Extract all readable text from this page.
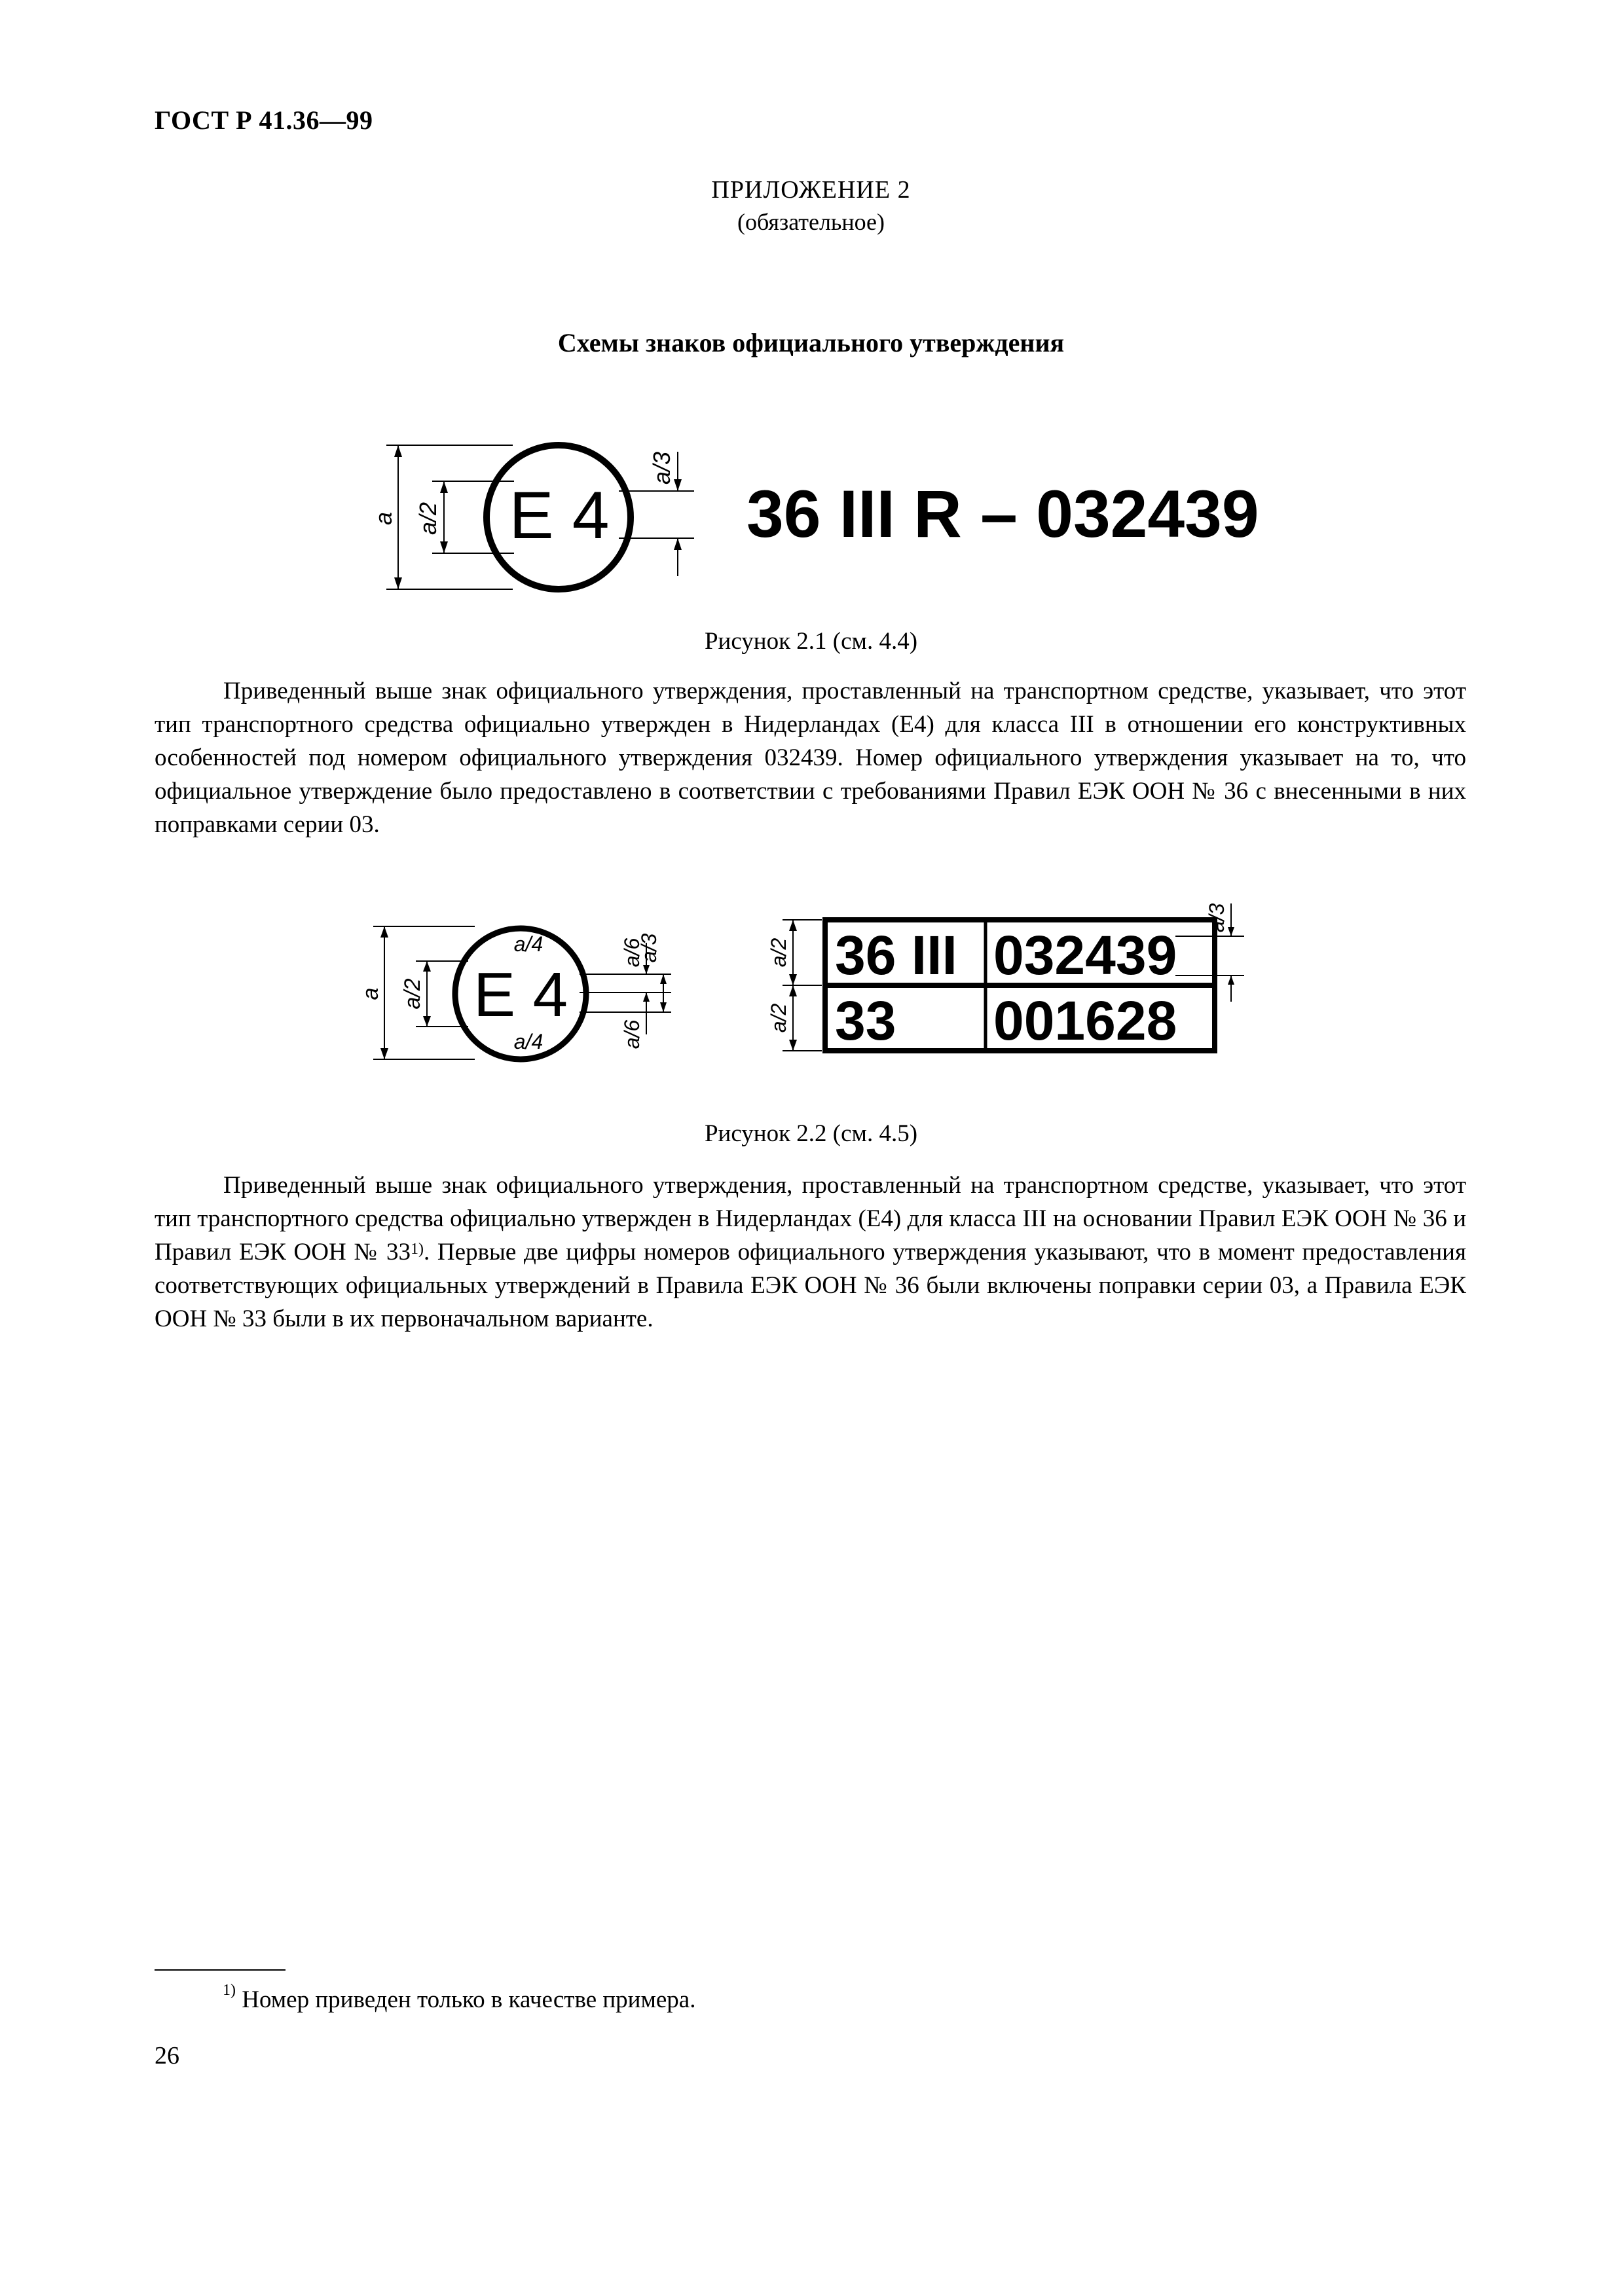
ГОСТ Р 41.36—99
ПРИЛОЖЕНИЕ 2
(обязательное)
Схемы знаков официального утверждения
a a/2
a/3
E 4 36 III R – 032439
Рисунок 2.1 (см. 4.4)

Приведенный выше знак официального утверждения, проставленный на транспортном средстве, указывает, что этот тип транспортного средства официально утвержден в Нидерландах (E4) для класса III в отношении его конструктивных особенностей под номером официального утверждения 032439. Номер официального утверждения указывает на то, что официальное утверждение было предоставлено в соответствии с требованиями Правил ЕЭК ООН № 36 с внесенными в них поправками серии 03.

a a/2
a/4
a/4
a/6
a/6
a/3
E 4
a/2
a/2
a/3
36 III 032439
33 001628
Рисунок 2.2 (см. 4.5)

Приведенный выше знак официального утверждения, проставленный на транспортном средстве, указывает, что этот тип транспортного средства официально утвержден в Нидерландах (E4) для класса III на основании Правил ЕЭК ООН № 36 и Правил ЕЭК ООН № 33$^{1)}$. Первые две цифры номеров официального утверждения указывают, что в момент предоставления соответствующих официальных утверждений в Правила ЕЭК ООН № 36 были включены поправки серии 03, а Правила ЕЭК ООН № 33 были в их первоначальном варианте.

$^{1)}$ Номер приведен только в качестве примера.
26
